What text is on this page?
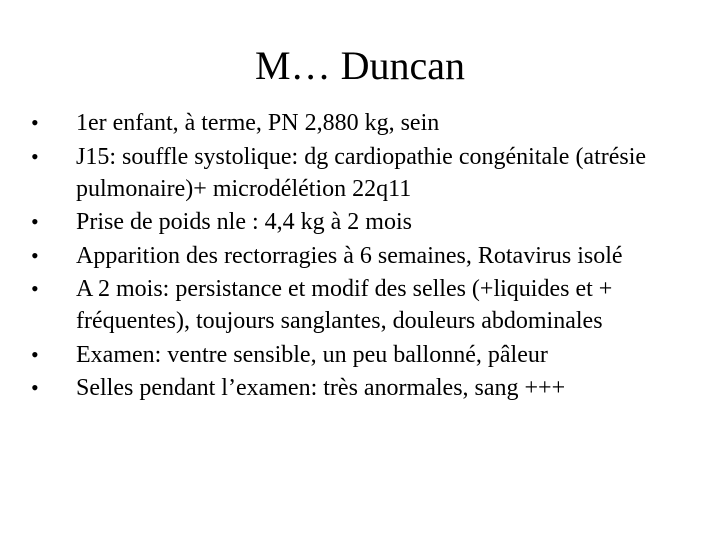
M… Duncan
• 1er enfant, à terme, PN 2,880 kg, sein
• J15: souffle systolique: dg cardiopathie congénitale (atrésie pulmonaire)+ microdélétion 22q11
• Prise de poids nle : 4,4 kg à 2 mois
• Apparition des rectorragies à 6 semaines, Rotavirus isolé
• A 2 mois: persistance et modif des selles (+liquides et + fréquentes), toujours sanglantes, douleurs abdominales
• Examen: ventre sensible, un peu ballonné, pâleur
• Selles pendant l’examen: très anormales, sang +++
